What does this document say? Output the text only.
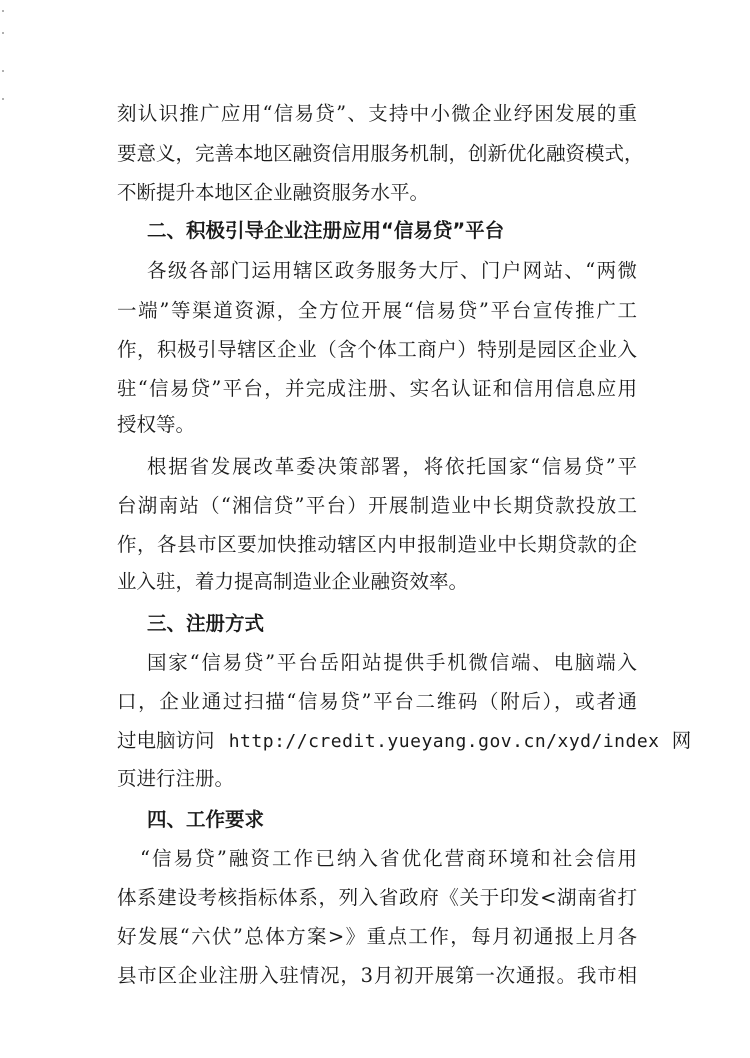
刻认识推广应用“信易贷”、支持中小微企业纾困发展的重
要意义，完善本地区融资信用服务机制，创新优化融资模式，
不断提升本地区企业融资服务水平。
二、积极引导企业注册应用“信易贷”平台
各级各部门运用辖区政务服务大厅、门户网站、“两微
一端”等渠道资源，全方位开展“信易贷”平台宣传推广工
作，积极引导辖区企业（含个体工商户）特别是园区企业入
驻“信易贷”平台，并完成注册、实名认证和信用信息应用
授权等。
根据省发展改革委决策部署，将依托国家“信易贷”平
台湖南站（“湘信贷”平台）开展制造业中长期贷款投放工
作，各县市区要加快推动辖区内申报制造业中长期贷款的企
业入驻，着力提高制造业企业融资效率。
三、注册方式
国家“信易贷”平台岳阳站提供手机微信端、电脑端入
口，企业通过扫描“信易贷”平台二维码（附后），或者通
过电脑访问 http://credit.yueyang.gov.cn/xyd/index 网
页进行注册。
四、工作要求
“信易贷”融资工作已纳入省优化营商环境和社会信用
体系建设考核指标体系，列入省政府《关于印发<湖南省打
好发展“六伏”总体方案>》重点工作，每月初通报上月各
县市区企业注册入驻情况，3月初开展第一次通报。我市相
